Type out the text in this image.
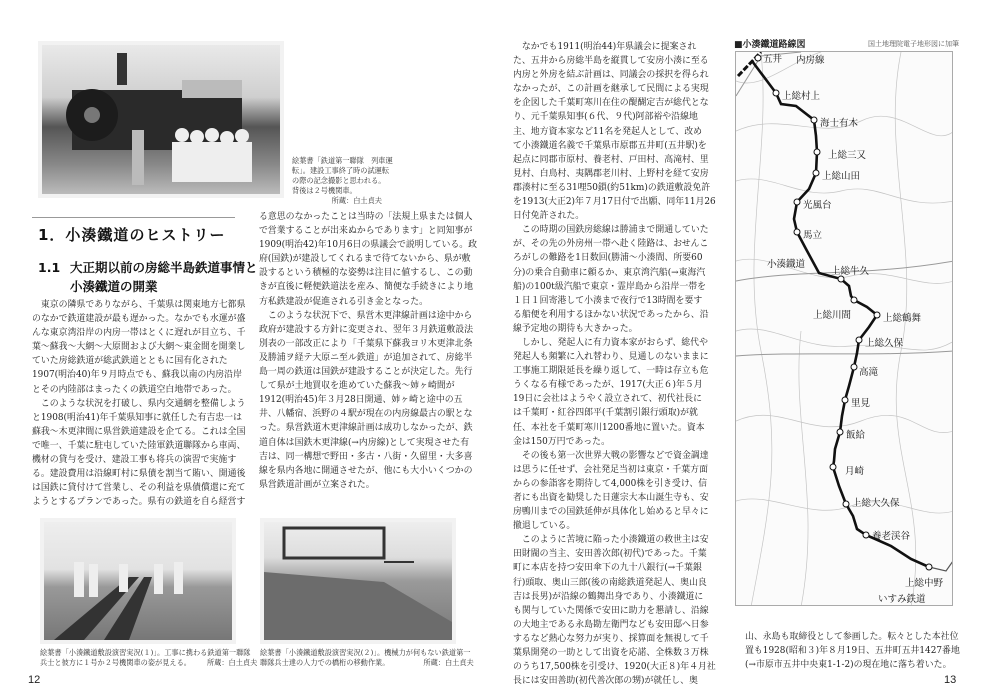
絵葉書「鉄道第一聯隊　列車運
転」。建設工事終了時の試運転
の際の記念撮影と思われる。
背後は２号機関車。
所蔵：白土貞夫
1．小湊鐵道のヒストリー
1.1 大正期以前の房総半島鉄道事情と
小湊鐵道の開業
　東京の隣県でありながら、千葉県は関東地方七都県
のなかで鉄道建設が最も遅かった。なかでも水運が盛
んな東京湾沿岸の内房一帯はとくに遅れが目立ち、千
葉～蘇我～大網～大原間および大網～東金間を開業し
ていた房総鉄道が総武鉄道とともに国有化された
1907(明治40)年９月時点でも、蘇我以南の内房沿岸
とその内陸部はまったくの鉄道空白地帯であった。
　このような状況を打破し、県内交通網を整備しよう
と1908(明治41)年千葉県知事に就任した有吉忠一は
蘇我～木更津間に県営鉄道建設を企てる。これは全国
で唯一、千葉に駐屯していた陸軍鉄道聯隊から車両、
機材の貸与を受け、建設工事も将兵の演習で実施す
る。建設費用は沿線町村に県債を割当て賄い、開通後
は国鉄に貸付けて営業し、その利益を県債償還に充て
ようとするプランであった。県有の鉄道を自ら経営す
る意思のなかったことは当時の「法規上県または個人
で営業することが出来ぬからであります」と同知事が
1909(明治42)年10月6日の県議会で説明している。政
府(国鉄)が建設してくれるまで待てないから、県が敷
設するという積極的な姿勢は注目に値するし、この動
きが直後に軽便鉄道法を産み、簡便な手続きにより地
方私鉄建設が促進される引き金となった。
　このような状況下で、県営木更津線計画は途中から
政府が建設する方針に変更され、翌年３月鉄道敷設法
別表の一部改正により「千葉県下蘇我ヨリ木更津北条
及勝浦ヲ経テ大原ニ至ル鉄道」が追加されて、房総半
島一周の鉄道は国鉄が建設することが決定した。先行
して県が土地買収を進めていた蘇我～姉ヶ崎間が
1912(明治45)年３月28日開通、姉ヶ崎と途中の五
井、八幡宿、浜野の４駅が現在の内房線最古の駅とな
った。県営鉄道木更津線計画は成功しなかったが、鉄
道自体は国鉄木更津線(→内房線)として実現させた有
吉は、同一構想で野田・多古・八街・久留里・大多喜
線を県内各地に開通させたが、他にも大小いくつかの
県営鉄道計画が立案された。
絵葉書「小湊鐵道敷設演習実況(１)」。工事に携わる鉄道第一聯隊
兵士と彼方に１号か２号機関車の姿が見える。 所蔵：白土貞夫
絵葉書「小湊鐵道敷設演習実況(２)」。機械力が何もない鉄道第一
聯隊兵士達の人力での橋桁の移動作業。	所蔵：白土貞夫
12
　なかでも1911(明治44)年県議会に提案され
た、五井から房総半島を縦貫して安房小湊に至る
内房と外房を結ぶ計画は、同議会の採択を得られ
なかったが、この計画を継承して民間による実現
を企図した千葉町寒川在住の醍醐定吉が総代とな
り、元千葉県知事(６代、９代)阿部裕や沿線地
主、地方資本家など11名を発起人として、改め
て小湊鐵道名義で千葉県市原郡五井町(五井駅)を
起点に同郡市原村、養老村、戸田村、高滝村、里
見村、白鳥村、夷隅郡老川村、上野村を経て安房
郡湊村に至る31哩50鎖(約51km)の鉄道敷設免許
を1913(大正2)年７月17日付で出願、同年11月26
日付免許された。
　この時期の国鉄房総線は勝浦まで開通していた
が、その先の外房州一帯へ赴く陸路は、おせんこ
ろがしの難路を1日数回(勝浦～小湊間、所要60
分)の乗合自動車に頼るか、東京湾汽船(→東海汽
船)の100t級汽船で東京・霊岸島から沿岸一帯を
１日１回寄港して小湊まで夜行で13時間を要す
る船便を利用するほかない状況であったから、沿
線予定地の期待も大きかった。
　しかし、発起人に有力資本家がおらず、総代や
発起人も頻繁に入れ替わり、見通しのないままに
工事施工期限延長を繰り返して、一時は存立も危
うくなる有様であったが、1917(大正６)年５月
19日に会社はようやく設立されて、初代社長に
は千葉町・紅谷四郎平(千葉割引銀行頭取)が就
任、本社を千葉町寒川1200番地に置いた。資本
金は150万円であった。
　その後も第一次世界大戦の影響などで資金調達
は思うに任せず、会社発足当初は東京・千葉方面
からの参詣客を期待して4,000株を引き受け、信
者にも出資を勧奨した日蓮宗大本山誕生寺も、安
房鴨川までの国鉄延伸が具体化し始めると早々に
撤退している。
　このように苦境に陥った小湊鐵道の救世主は安
田財閥の当主、安田善次郎(初代)であった。千葉
町に本店を持つ安田傘下の九十八銀行(→千葉銀
行)頭取、奥山三郎(後の南総鉄道発起人、奥山良
吉は長男)が沿線の鶴舞出身であり、小湊鐵道に
も関与していた関係で安田に助力を懇請し、沿線
の大地主である永島勘左衛門なども安田邸へ日参
するなど熱心な努力が実り、採算面を無視して千
葉県開発の一助として出資を応諾、全株数３万株
のうち17,500株を引受け、1920(大正８)年４月社
長には安田善助(初代善次郎の甥)が就任し、奥
山、永島も取締役として参画した。転々とした本社位
置も1928(昭和３)年８月19日、五井町五井1427番地
(→市原市五井中央東1-1-2)の現在地に落ち着いた。
13
■小湊鐵道路線図	国土地理院電子地形図に加筆
上総村上
海士有木
上総三又
上総山田
光風台
馬立
上総牛久
上総川間	上総鶴舞
上総久保
高滝
里見
飯給
月崎
上総大久保
養老渓谷
上総中野
五井 内房線
小湊鐵道
いすみ鉄道
